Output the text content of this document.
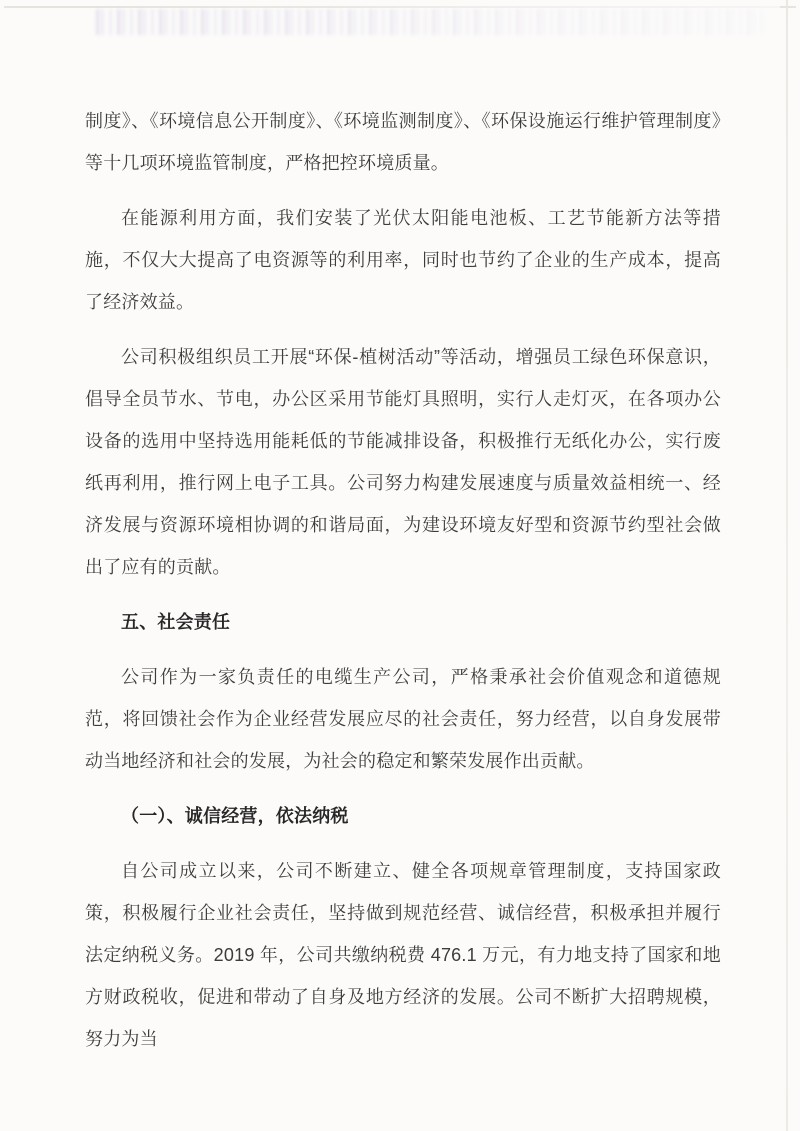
制度》、《环境信息公开制度》、《环境监测制度》、《环保设施运行维护管理制度》等十几项环境监管制度，严格把控环境质量。

在能源利用方面，我们安装了光伏太阳能电池板、工艺节能新方法等措施，不仅大大提高了电资源等的利用率，同时也节约了企业的生产成本，提高了经济效益。

公司积极组织员工开展“环保-植树活动”等活动，增强员工绿色环保意识，倡导全员节水、节电，办公区采用节能灯具照明，实行人走灯灭，在各项办公设备的选用中坚持选用能耗低的节能减排设备，积极推行无纸化办公，实行废纸再利用，推行网上电子工具。公司努力构建发展速度与质量效益相统一、经济发展与资源环境相协调的和谐局面，为建设环境友好型和资源节约型社会做出了应有的贡献。

五、社会责任

公司作为一家负责任的电缆生产公司，严格秉承社会价值观念和道德规范，将回馈社会作为企业经营发展应尽的社会责任，努力经营，以自身发展带动当地经济和社会的发展，为社会的稳定和繁荣发展作出贡献。

（一）、诚信经营，依法纳税

自公司成立以来，公司不断建立、健全各项规章管理制度，支持国家政策，积极履行企业社会责任，坚持做到规范经营、诚信经营，积极承担并履行法定纳税义务。2019 年，公司共缴纳税费 476.1 万元，有力地支持了国家和地方财政税收，促进和带动了自身及地方经济的发展。公司不断扩大招聘规模，努力为当
